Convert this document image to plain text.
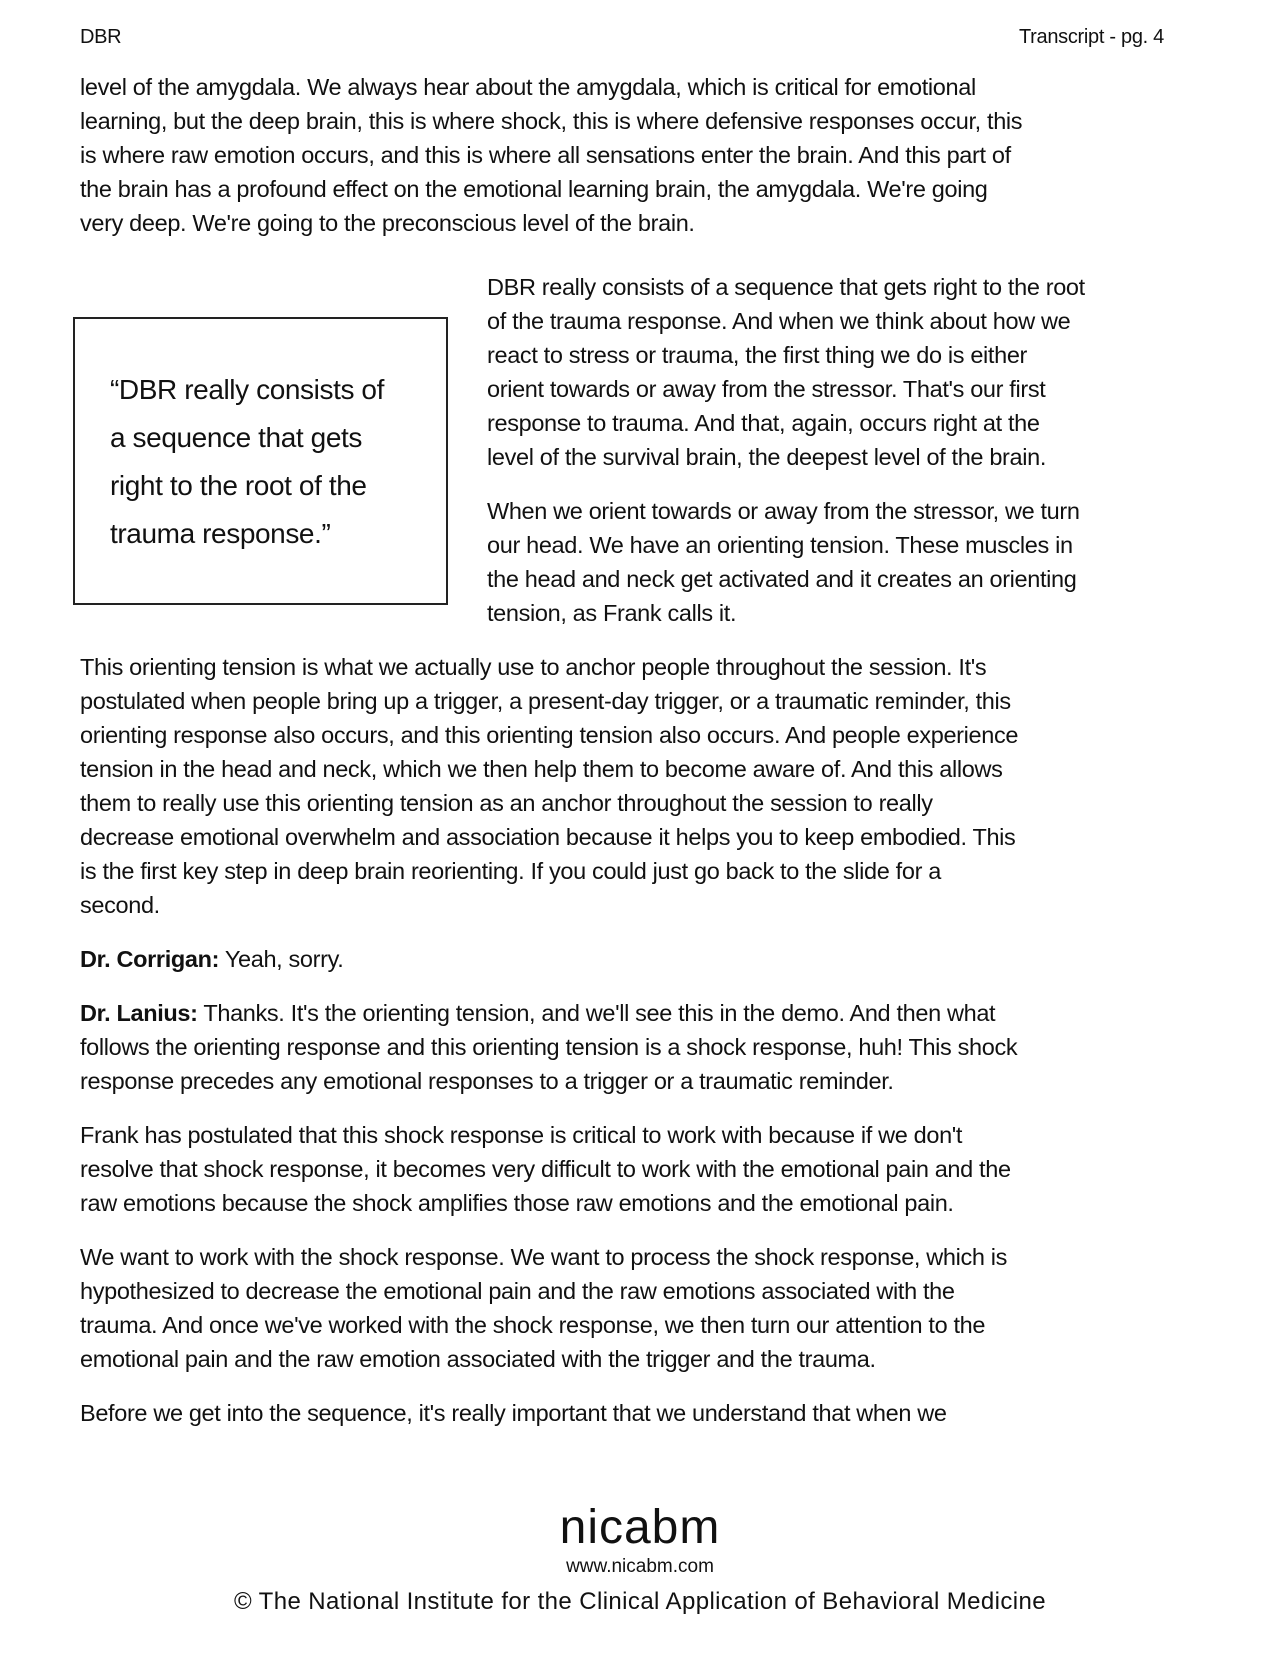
DBR	Transcript - pg. 4
level of the amygdala. We always hear about the amygdala, which is critical for emotional
learning, but the deep brain, this is where shock, this is where defensive responses occur, this
is where raw emotion occurs, and this is where all sensations enter the brain. And this part of
the brain has a profound effect on the emotional learning brain, the amygdala. We're going
very deep. We're going to the preconscious level of the brain.
“DBR really consists of
a sequence that gets
right to the root of the
trauma response.”
DBR really consists of a sequence that gets right to the root
of the trauma response. And when we think about how we
react to stress or trauma, the first thing we do is either
orient towards or away from the stressor. That's our first
response to trauma. And that, again, occurs right at the
level of the survival brain, the deepest level of the brain.
When we orient towards or away from the stressor, we turn
our head. We have an orienting tension. These muscles in
the head and neck get activated and it creates an orienting
tension, as Frank calls it.
This orienting tension is what we actually use to anchor people throughout the session. It's
postulated when people bring up a trigger, a present-day trigger, or a traumatic reminder, this
orienting response also occurs, and this orienting tension also occurs. And people experience
tension in the head and neck, which we then help them to become aware of. And this allows
them to really use this orienting tension as an anchor throughout the session to really
decrease emotional overwhelm and association because it helps you to keep embodied. This
is the first key step in deep brain reorienting. If you could just go back to the slide for a
second.
Dr. Corrigan: Yeah, sorry.
Dr. Lanius: Thanks. It's the orienting tension, and we'll see this in the demo. And then what
follows the orienting response and this orienting tension is a shock response, huh! This shock
response precedes any emotional responses to a trigger or a traumatic reminder.
Frank has postulated that this shock response is critical to work with because if we don't
resolve that shock response, it becomes very difficult to work with the emotional pain and the
raw emotions because the shock amplifies those raw emotions and the emotional pain.
We want to work with the shock response. We want to process the shock response, which is
hypothesized to decrease the emotional pain and the raw emotions associated with the
trauma. And once we've worked with the shock response, we then turn our attention to the
emotional pain and the raw emotion associated with the trigger and the trauma.
Before we get into the sequence, it's really important that we understand that when we
nicabm
www.nicabm.com
© The National Institute for the Clinical Application of Behavioral Medicine
